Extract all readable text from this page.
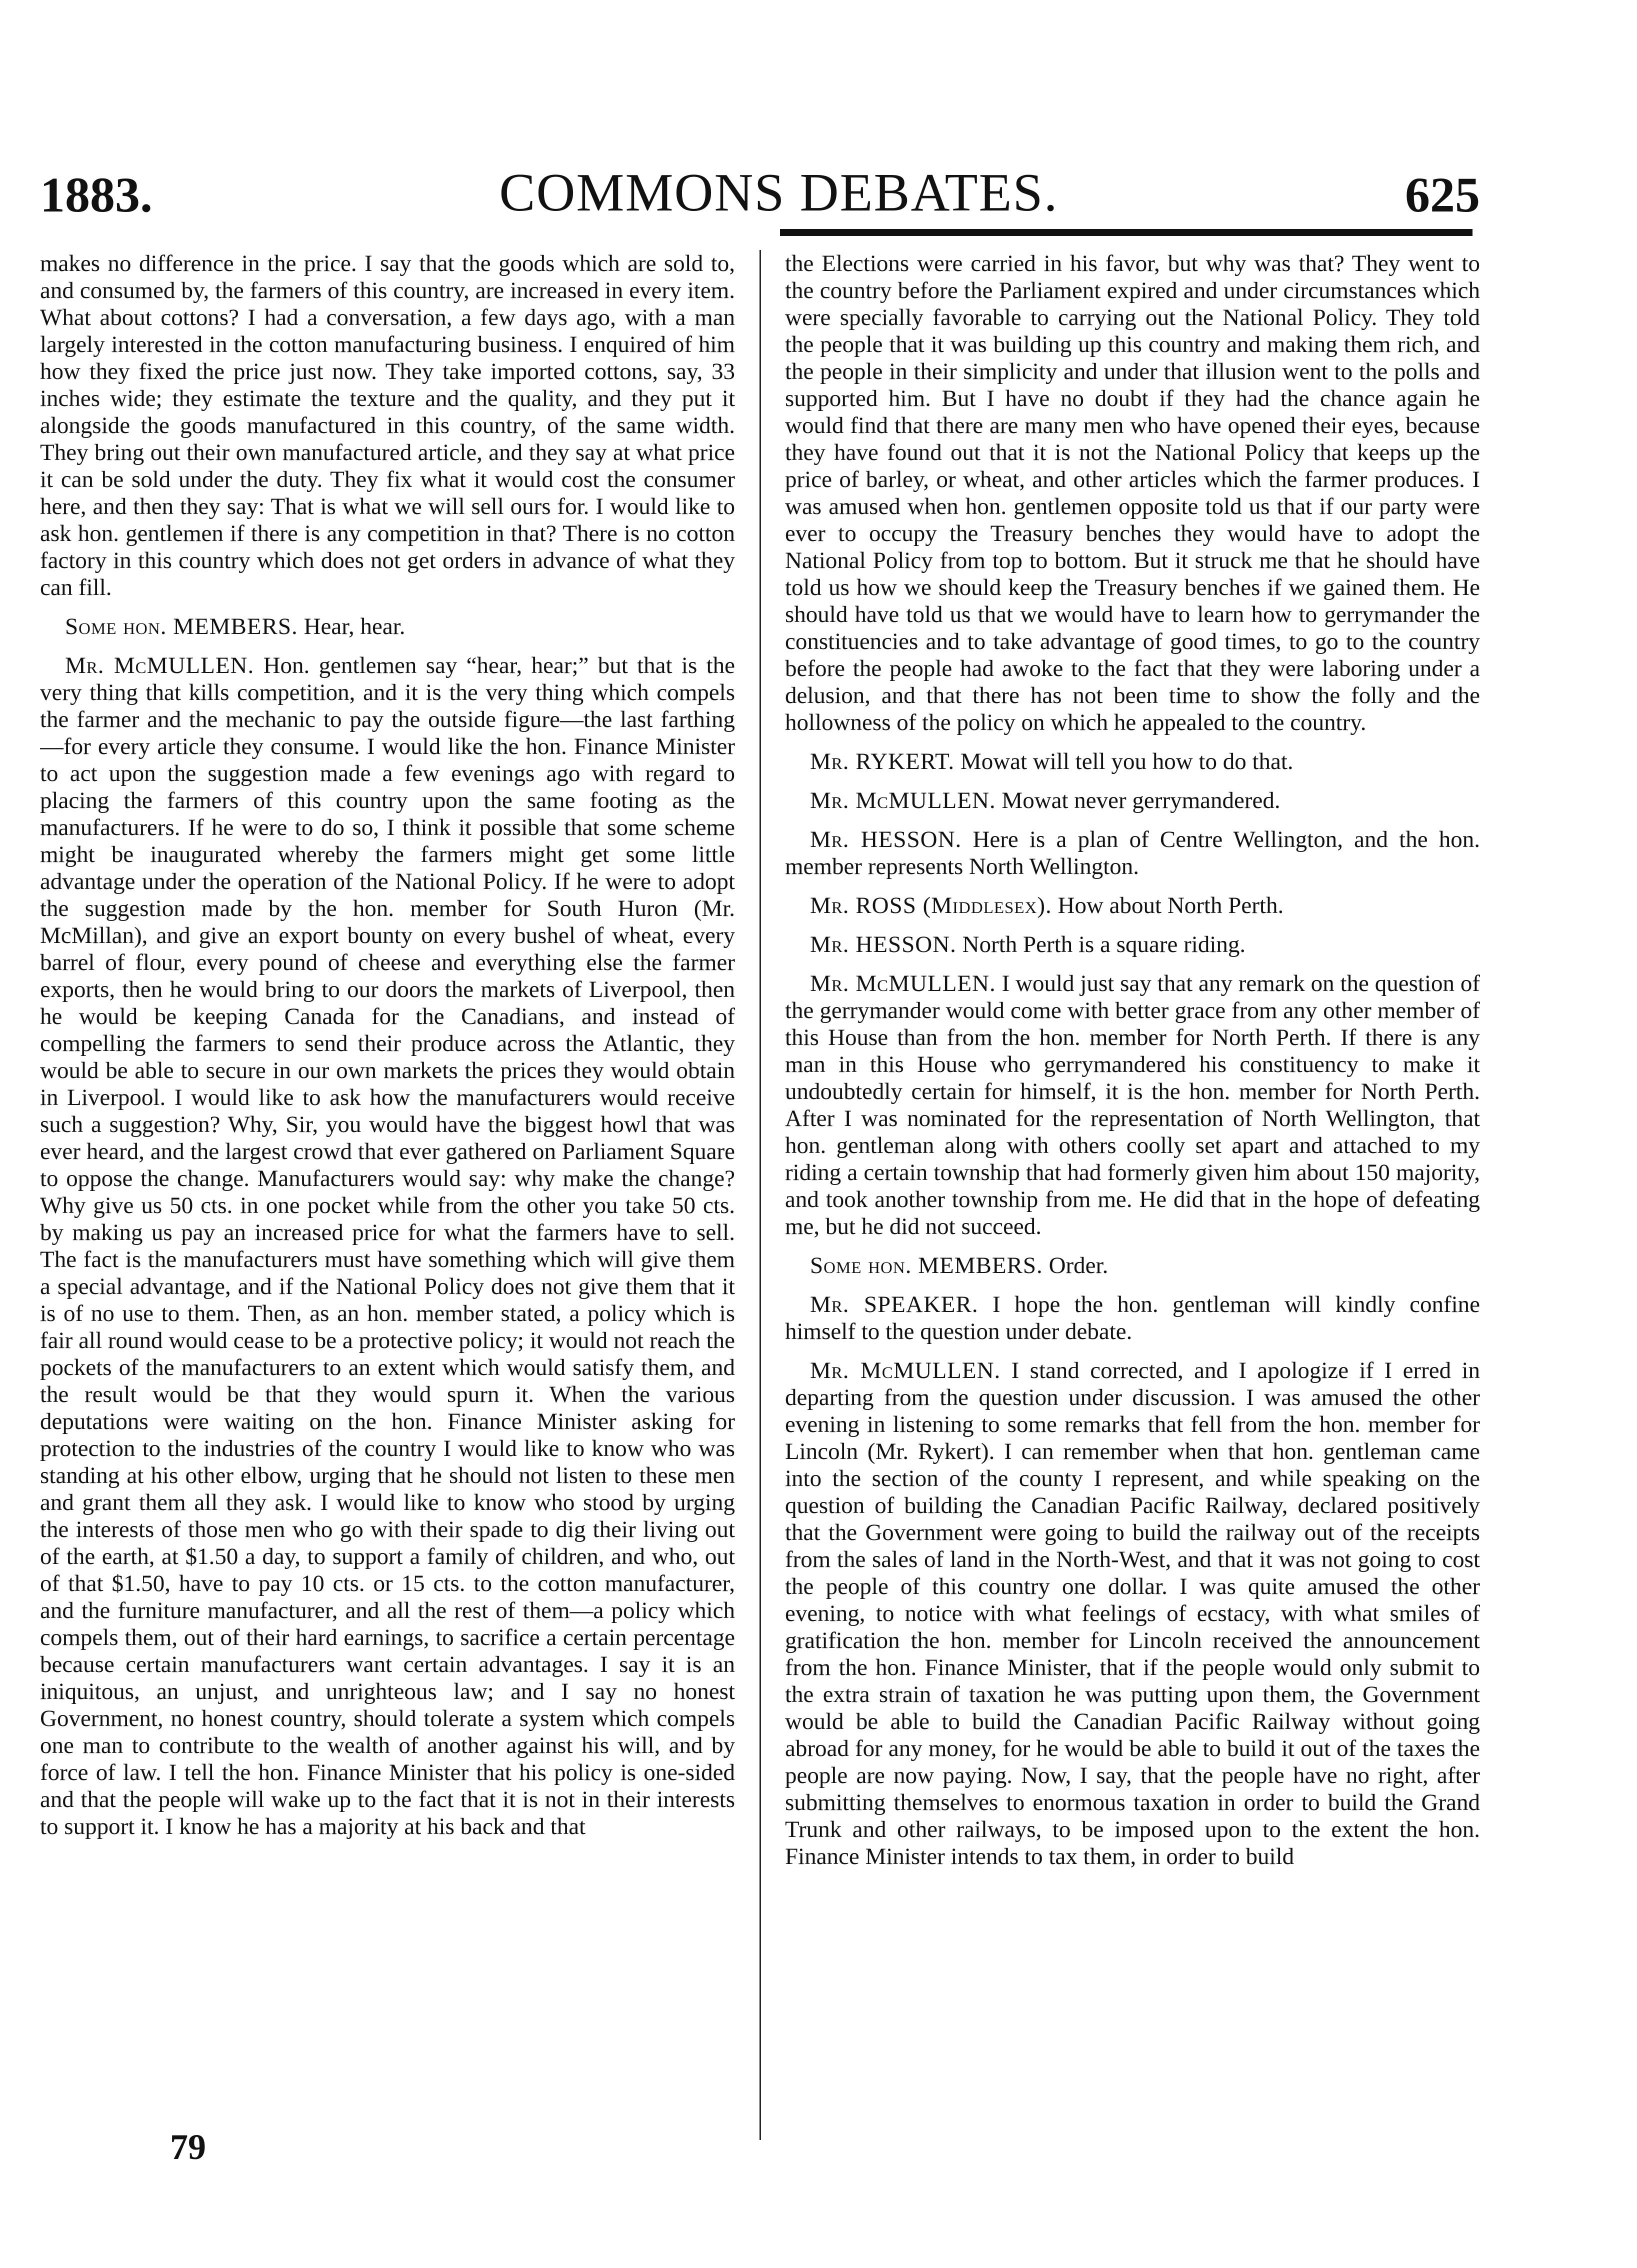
1883.	COMMONS DEBATES.	625

makes no difference in the price. I say that the goods which are sold to, and consumed by, the farmers of this country, are increased in every item. What about cottons? I had a conversation, a few days ago, with a man largely interested in the cotton manufacturing business. I enquired of him how they fixed the price just now. They take imported cottons, say, 33 inches wide; they estimate the texture and the quality, and they put it alongside the goods manufactured in this country, of the same width. They bring out their own manufactured article, and they say at what price it can be sold under the duty. They fix what it would cost the consumer here, and then they say: That is what we will sell ours for. I would like to ask hon. gentlemen if there is any competition in that? There is no cotton factory in this country which does not get orders in advance of what they can fill.

Some hon. MEMBERS. Hear, hear.

Mr. McMULLEN. Hon. gentlemen say “hear, hear;” but that is the very thing that kills competition, and it is the very thing which compels the farmer and the mechanic to pay the outside figure—the last farthing—for every article they consume. I would like the hon. Finance Minister to act upon the suggestion made a few evenings ago with regard to placing the farmers of this country upon the same footing as the manufacturers. If he were to do so, I think it possible that some scheme might be inaugurated whereby the farmers might get some little advantage under the operation of the National Policy. If he were to adopt the suggestion made by the hon. member for South Huron (Mr. McMillan), and give an export bounty on every bushel of wheat, every barrel of flour, every pound of cheese and everything else the farmer exports, then he would bring to our doors the markets of Liverpool, then he would be keeping Canada for the Canadians, and instead of compelling the farmers to send their produce across the Atlantic, they would be able to secure in our own markets the prices they would obtain in Liverpool. I would like to ask how the manufacturers would receive such a suggestion? Why, Sir, you would have the biggest howl that was ever heard, and the largest crowd that ever gathered on Parliament Square to oppose the change. Manufacturers would say: why make the change? Why give us 50 cts. in one pocket while from the other you take 50 cts. by making us pay an increased price for what the farmers have to sell. The fact is the manufacturers must have something which will give them a special advantage, and if the National Policy does not give them that it is of no use to them. Then, as an hon. member stated, a policy which is fair all round would cease to be a protective policy; it would not reach the pockets of the manufacturers to an extent which would satisfy them, and the result would be that they would spurn it. When the various deputations were waiting on the hon. Finance Minister asking for protection to the industries of the country I would like to know who was standing at his other elbow, urging that he should not listen to these men and grant them all they ask. I would like to know who stood by urging the interests of those men who go with their spade to dig their living out of the earth, at $1.50 a day, to support a family of children, and who, out of that $1.50, have to pay 10 cts. or 15 cts. to the cotton manufacturer, and the furniture manufacturer, and all the rest of them—a policy which compels them, out of their hard earnings, to sacrifice a certain percentage because certain manufacturers want certain advantages. I say it is an iniquitous, an unjust, and unrighteous law; and I say no honest Government, no honest country, should tolerate a system which compels one man to contribute to the wealth of another against his will, and by force of law. I tell the hon. Finance Minister that his policy is one-sided and that the people will wake up to the fact that it is not in their interests to support it. I know he has a majority at his back and that

the Elections were carried in his favor, but why was that? They went to the country before the Parliament expired and under circumstances which were specially favorable to carrying out the National Policy. They told the people that it was building up this country and making them rich, and the people in their simplicity and under that illusion went to the polls and supported him. But I have no doubt if they had the chance again he would find that there are many men who have opened their eyes, because they have found out that it is not the National Policy that keeps up the price of barley, or wheat, and other articles which the farmer produces. I was amused when hon. gentlemen opposite told us that if our party were ever to occupy the Treasury benches they would have to adopt the National Policy from top to bottom. But it struck me that he should have told us how we should keep the Treasury benches if we gained them. He should have told us that we would have to learn how to gerrymander the constituencies and to take advantage of good times, to go to the country before the people had awoke to the fact that they were laboring under a delusion, and that there has not been time to show the folly and the hollowness of the policy on which he appealed to the country.

Mr. RYKERT. Mowat will tell you how to do that.

Mr. McMULLEN. Mowat never gerrymandered.

Mr. HESSON. Here is a plan of Centre Wellington, and the hon. member represents North Wellington.

Mr. ROSS (Middlesex). How about North Perth.

Mr. HESSON. North Perth is a square riding.

Mr. McMULLEN. I would just say that any remark on the question of the gerrymander would come with better grace from any other member of this House than from the hon. member for North Perth. If there is any man in this House who gerrymandered his constituency to make it undoubtedly certain for himself, it is the hon. member for North Perth. After I was nominated for the representation of North Wellington, that hon. gentleman along with others coolly set apart and attached to my riding a certain township that had formerly given him about 150 majority, and took another township from me. He did that in the hope of defeating me, but he did not succeed.

Some hon. MEMBERS. Order.

Mr. SPEAKER. I hope the hon. gentleman will kindly confine himself to the question under debate.

Mr. McMULLEN. I stand corrected, and I apologize if I erred in departing from the question under discussion. I was amused the other evening in listening to some remarks that fell from the hon. member for Lincoln (Mr. Rykert). I can remember when that hon. gentleman came into the section of the county I represent, and while speaking on the question of building the Canadian Pacific Railway, declared positively that the Government were going to build the railway out of the receipts from the sales of land in the North-West, and that it was not going to cost the people of this country one dollar. I was quite amused the other evening, to notice with what feelings of ecstacy, with what smiles of gratification the hon. member for Lincoln received the announcement from the hon. Finance Minister, that if the people would only submit to the extra strain of taxation he was putting upon them, the Government would be able to build the Canadian Pacific Railway without going abroad for any money, for he would be able to build it out of the taxes the people are now paying. Now, I say, that the people have no right, after submitting themselves to enormous taxation in order to build the Grand Trunk and other railways, to be imposed upon to the extent the hon. Finance Minister intends to tax them, in order to build

79
